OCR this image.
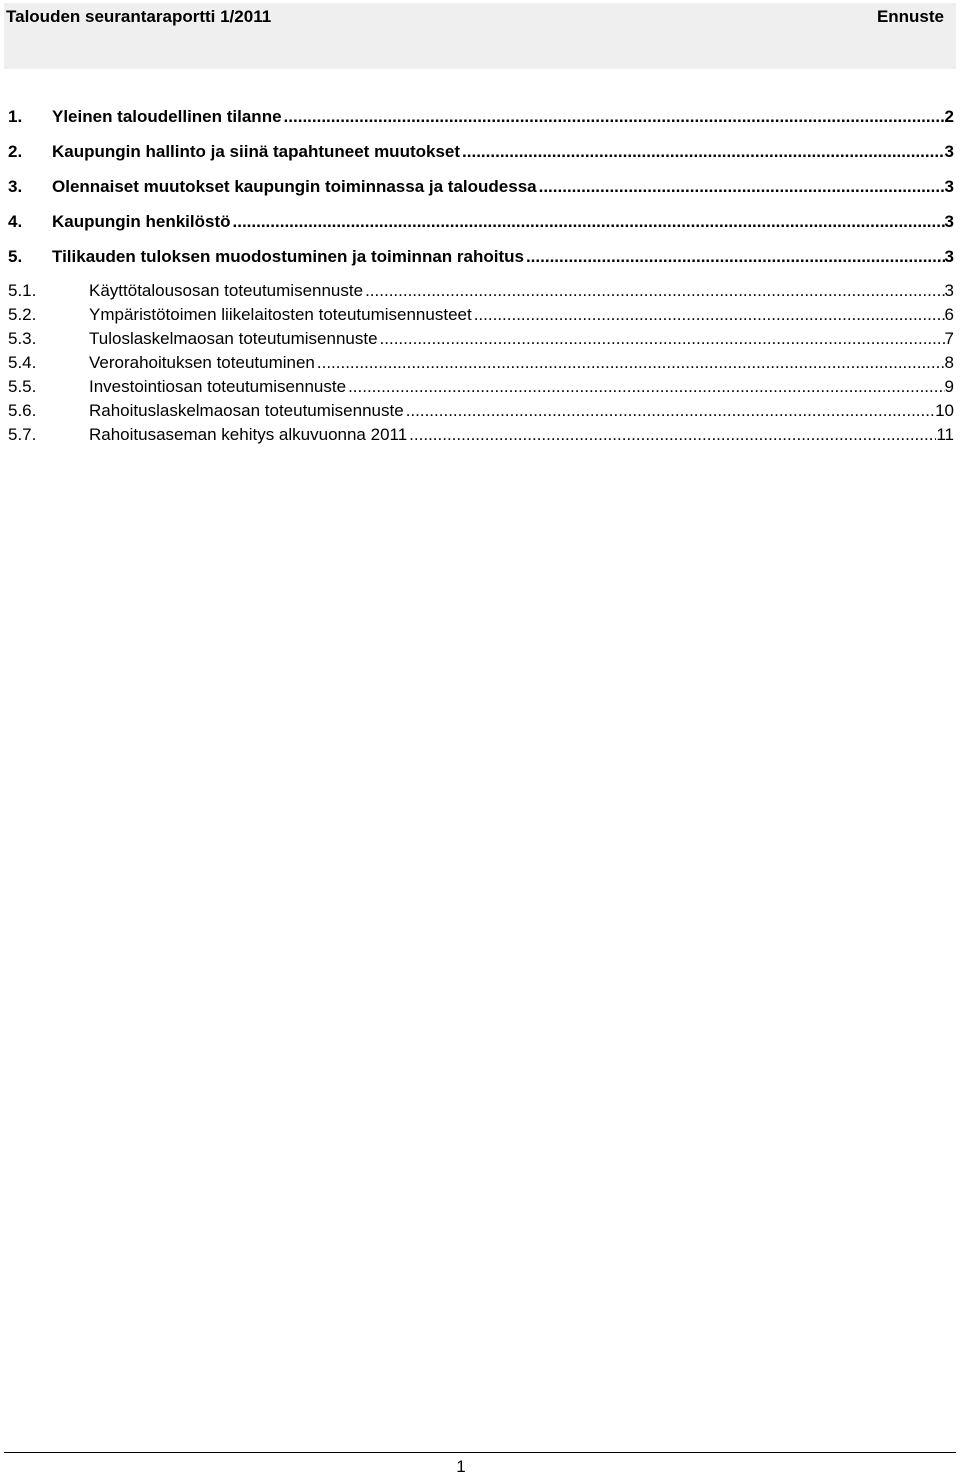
Talouden seurantaraportti 1/2011	Ennuste
1.	Yleinen taloudellinen tilanne .....	2
2.	Kaupungin hallinto ja siinä tapahtuneet muutokset .....	3
3.	Olennaiset muutokset kaupungin toiminnassa ja taloudessa .....	3
4.	Kaupungin henkilöstö .....	3
5.	Tilikauden tuloksen muodostuminen ja toiminnan rahoitus .....	3
5.1.	Käyttötalousosan toteutumisennuste .....	3
5.2.	Ympäristötoimen liikelaitosten toteutumisennusteet .....	6
5.3.	Tuloslaskelmaosan toteutumisennuste .....	7
5.4.	Verorahoituksen toteutuminen .....	8
5.5.	Investointiosan toteutumisennuste .....	9
5.6.	Rahoituslaskelmaosan toteutumisennuste .....	10
5.7.	Rahoitusaseman kehitys alkuvuonna 2011 .....	11
1
